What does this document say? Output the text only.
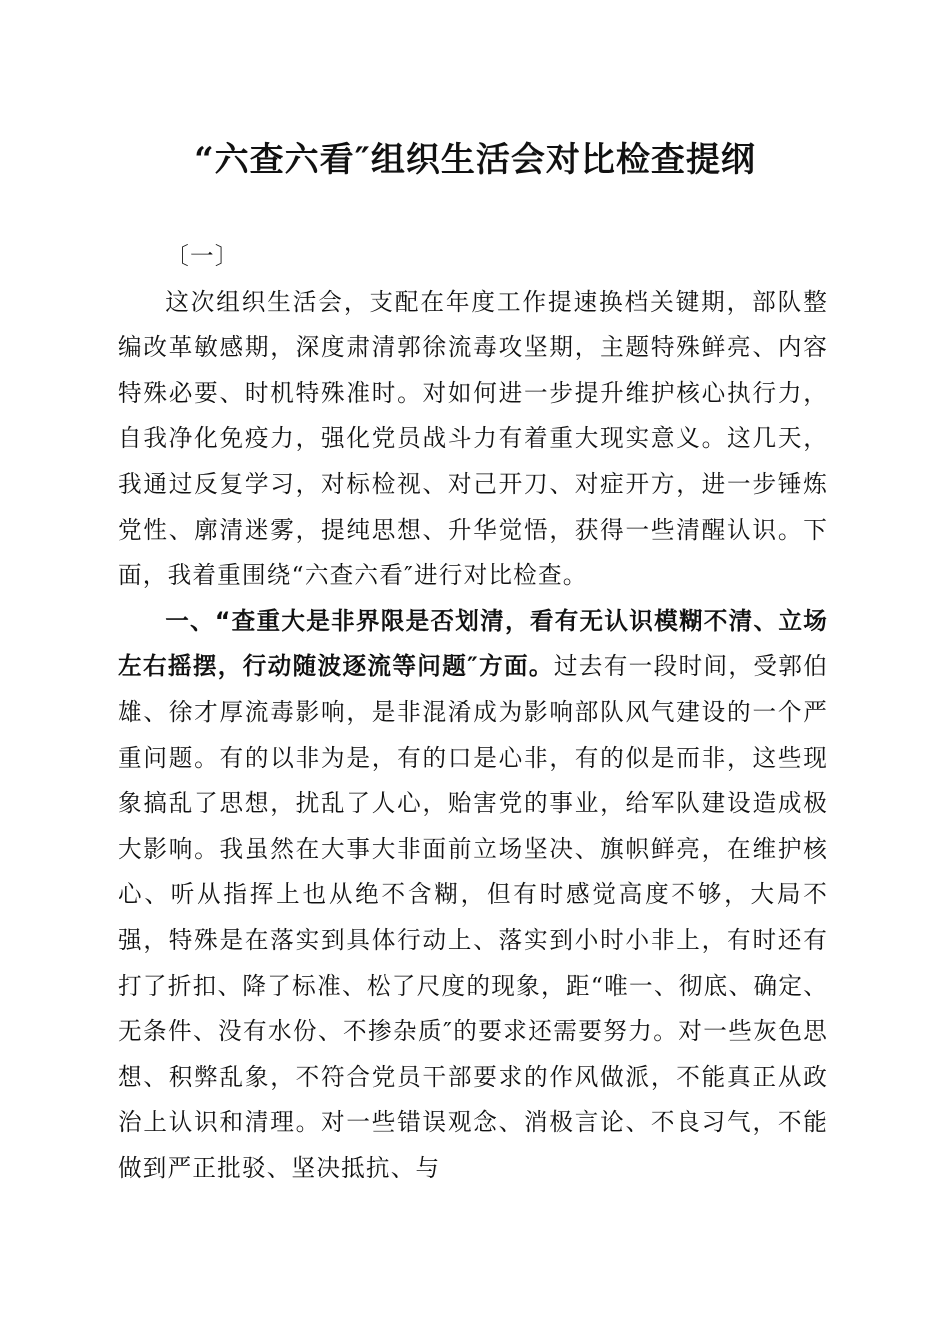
“六查六看″组织生活会对比检查提纲

〔一〕

这次组织生活会，支配在年度工作提速换档关键期，部队整编改革敏感期，深度肃清郭徐流毒攻坚期，主题特殊鲜亮、内容特殊必要、时机特殊准时。对如何进一步提升维护核心执行力，自我净化免疫力，强化党员战斗力有着重大现实意义。这几天，我通过反复学习，对标检视、对己开刀、对症开方，进一步锤炼党性、廓清迷雾，提纯思想、升华觉悟，获得一些清醒认识。下面，我着重围绕“六查六看″进行对比检查。

一、“查重大是非界限是否划清，看有无认识模糊不清、立场左右摇摆，行动随波逐流等问题″方面。过去有一段时间，受郭伯雄、徐才厚流毒影响，是非混淆成为影响部队风气建设的一个严重问题。有的以非为是，有的口是心非，有的似是而非，这些现象搞乱了思想，扰乱了人心，贻害党的事业，给军队建设造成极大影响。我虽然在大事大非面前立场坚决、旗帜鲜亮，在维护核心、听从指挥上也从绝不含糊，但有时感觉高度不够，大局不强，特殊是在落实到具体行动上、落实到小时小非上，有时还有打了折扣、降了标准、松了尺度的现象，距“唯一、彻底、确定、无条件、没有水份、不掺杂质″的要求还需要努力。对一些灰色思想、积弊乱象，不符合党员干部要求的作风做派，不能真正从政治上认识和清理。对一些错误观念、消极言论、不良习气，不能做到严正批驳、坚决抵抗、与
